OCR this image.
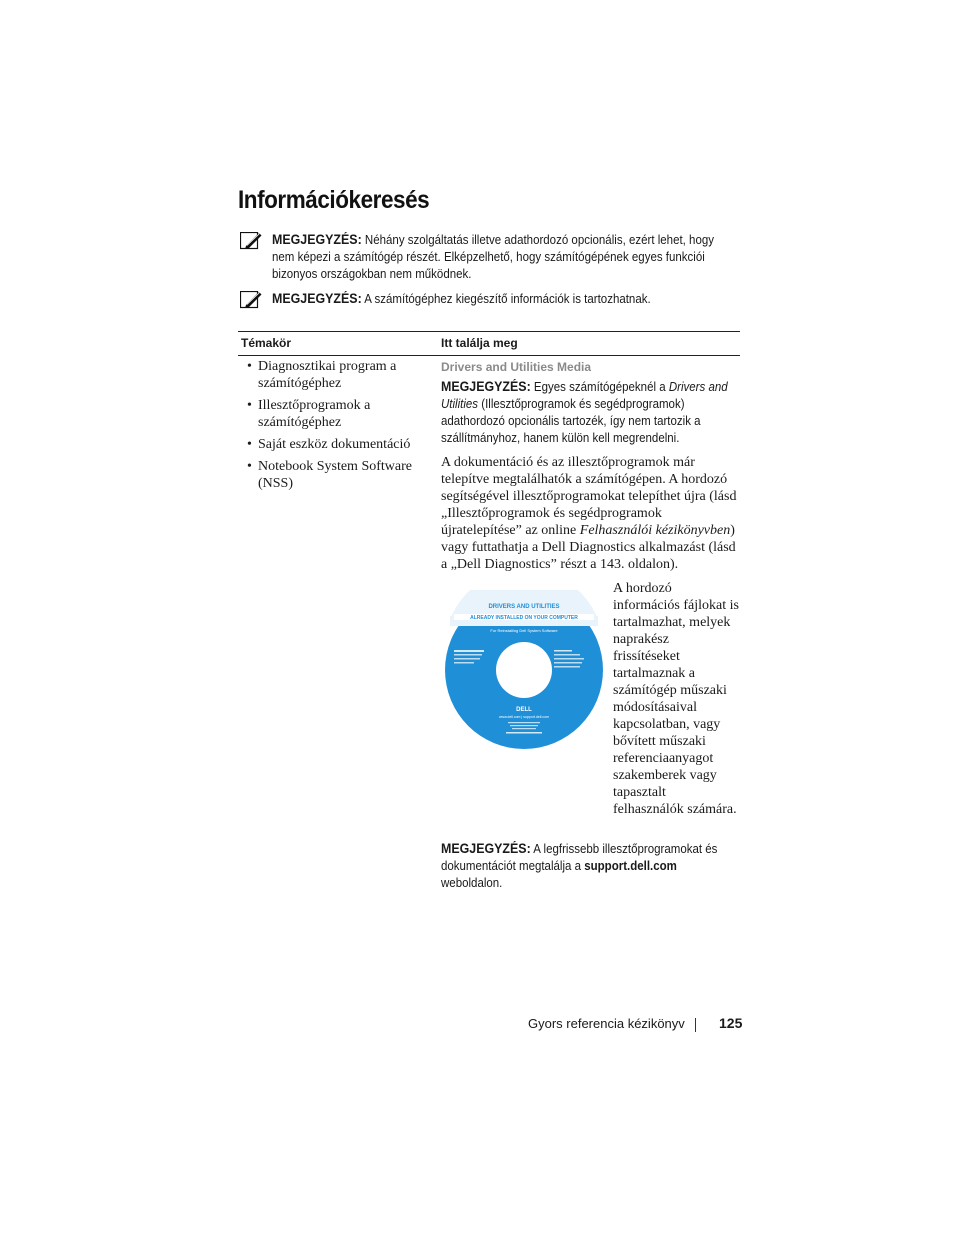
Információkeresés
MEGJEGYZÉS: Néhány szolgáltatás illetve adathordozó opcionális, ezért lehet, hogy nem képezi a számítógép részét. Elképzelhető, hogy számítógépének egyes funkciói bizonyos országokban nem működnek.
MEGJEGYZÉS: A számítógéphez kiegészítő információk is tartozhatnak.
Témakör	Itt találja meg
• Diagnosztikai program a számítógéphez
• Illesztőprogramok a számítógéphez
• Saját eszköz dokumentáció
• Notebook System Software (NSS)
Drivers and Utilities Media
MEGJEGYZÉS: Egyes számítógépeknél a Drivers and Utilities (Illesztőprogramok és segédprogramok) adathordozó opcionális tartozék, így nem tartozik a szállítmányhoz, hanem külön kell megrendelni.
A dokumentáció és az illesztőprogramok már telepítve megtalálhatók a számítógépen. A hordozó segítségével illesztőprogramokat telepíthet újra (lásd „Illesztőprogramok és segédprogramok újratelepítése” az online Felhasználói kézikönyvben) vagy futtathatja a Dell Diagnostics alkalmazást (lásd a „Dell Diagnostics” részt a 143. oldalon).
DRIVERS AND UTILITIES
ALREADY INSTALLED ON YOUR COMPUTER
For Reinstalling Dell System Software
DELL
www.dell.com | support.dell.com
A hordozó információs fájlokat is tartalmazhat, melyek naprakész frissítéseket tartalmaznak a számítógép műszaki módosításaival kapcsolatban, vagy bővített műszaki referenciaanyagot szakemberek vagy tapasztalt felhasználók számára.
MEGJEGYZÉS: A legfrissebb illesztőprogramokat és dokumentációt megtalálja a support.dell.com weboldalon.
Gyors referencia kézikönyv 125
